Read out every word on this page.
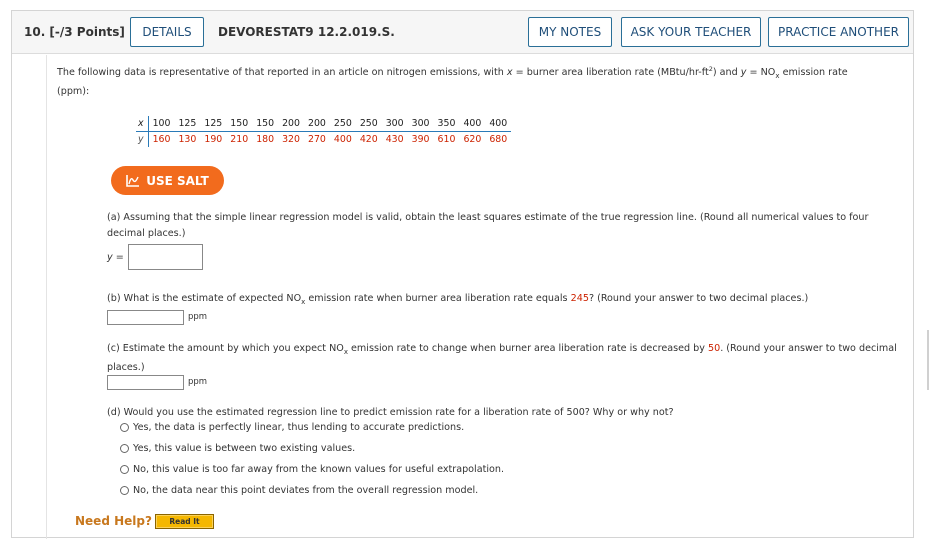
10. [-/3 Points]	DETAILS	DEVORESTAT9 12.2.019.S.	MY NOTES	ASK YOUR TEACHER	PRACTICE ANOTHER
The following data is representative of that reported in an article on nitrogen emissions, with x = burner area liberation rate $(MBtu/hr-ft^2)$ and $y = NO_x$ emission rate
(ppm):
x	100	125	125	150	150	200	200	250	250	300	300	350	400	400
y	160	130	190	210	180	320	270	400	420	430	390	610	620	680
USE SALT
(a) Assuming that the simple linear regression model is valid, obtain the least squares estimate of the true regression line. (Round all numerical values to four
decimal places.)
y =
(b) What is the estimate of expected $NO_x$ emission rate when burner area liberation rate equals 245? (Round your answer to two decimal places.)
ppm
(c) Estimate the amount by which you expect $NO_x$ emission rate to change when burner area liberation rate is decreased by 50. (Round your answer to two decimal
places.)
ppm
(d) Would you use the estimated regression line to predict emission rate for a liberation rate of 500? Why or why not?
Yes, the data is perfectly linear, thus lending to accurate predictions.
Yes, this value is between two existing values.
No, this value is too far away from the known values for useful extrapolation.
No, the data near this point deviates from the overall regression model.
Need Help?	Read It
